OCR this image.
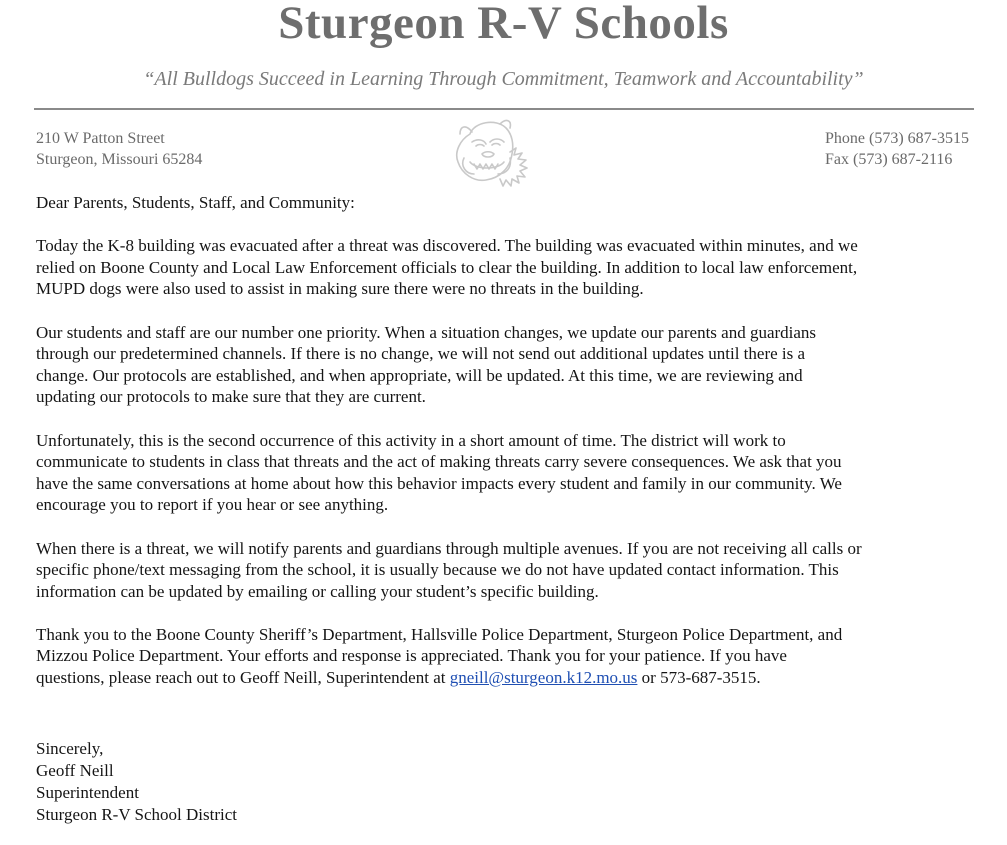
Sturgeon R-V Schools

“All Bulldogs Succeed in Learning Through Commitment, Teamwork and Accountability”

210 W Patton Street
Sturgeon, Missouri 65284
Phone (573) 687-3515
Fax (573) 687-2116

Dear Parents, Students, Staff, and Community:

Today the K-8 building was evacuated after a threat was discovered. The building was evacuated within minutes, and we
relied on Boone County and Local Law Enforcement officials to clear the building. In addition to local law enforcement,
MUPD dogs were also used to assist in making sure there were no threats in the building.

Our students and staff are our number one priority. When a situation changes, we update our parents and guardians
through our predetermined channels. If there is no change, we will not send out additional updates until there is a
change. Our protocols are established, and when appropriate, will be updated. At this time, we are reviewing and
updating our protocols to make sure that they are current.

Unfortunately, this is the second occurrence of this activity in a short amount of time. The district will work to
communicate to students in class that threats and the act of making threats carry severe consequences. We ask that you
have the same conversations at home about how this behavior impacts every student and family in our community. We
encourage you to report if you hear or see anything.

When there is a threat, we will notify parents and guardians through multiple avenues. If you are not receiving all calls or
specific phone/text messaging from the school, it is usually because we do not have updated contact information. This
information can be updated by emailing or calling your student’s specific building.

Thank you to the Boone County Sheriff’s Department, Hallsville Police Department, Sturgeon Police Department, and
Mizzou Police Department. Your efforts and response is appreciated. Thank you for your patience. If you have
questions, please reach out to Geoff Neill, Superintendent at gneill@sturgeon.k12.mo.us or 573-687-3515.

Sincerely,
Geoff Neill
Superintendent
Sturgeon R-V School District
